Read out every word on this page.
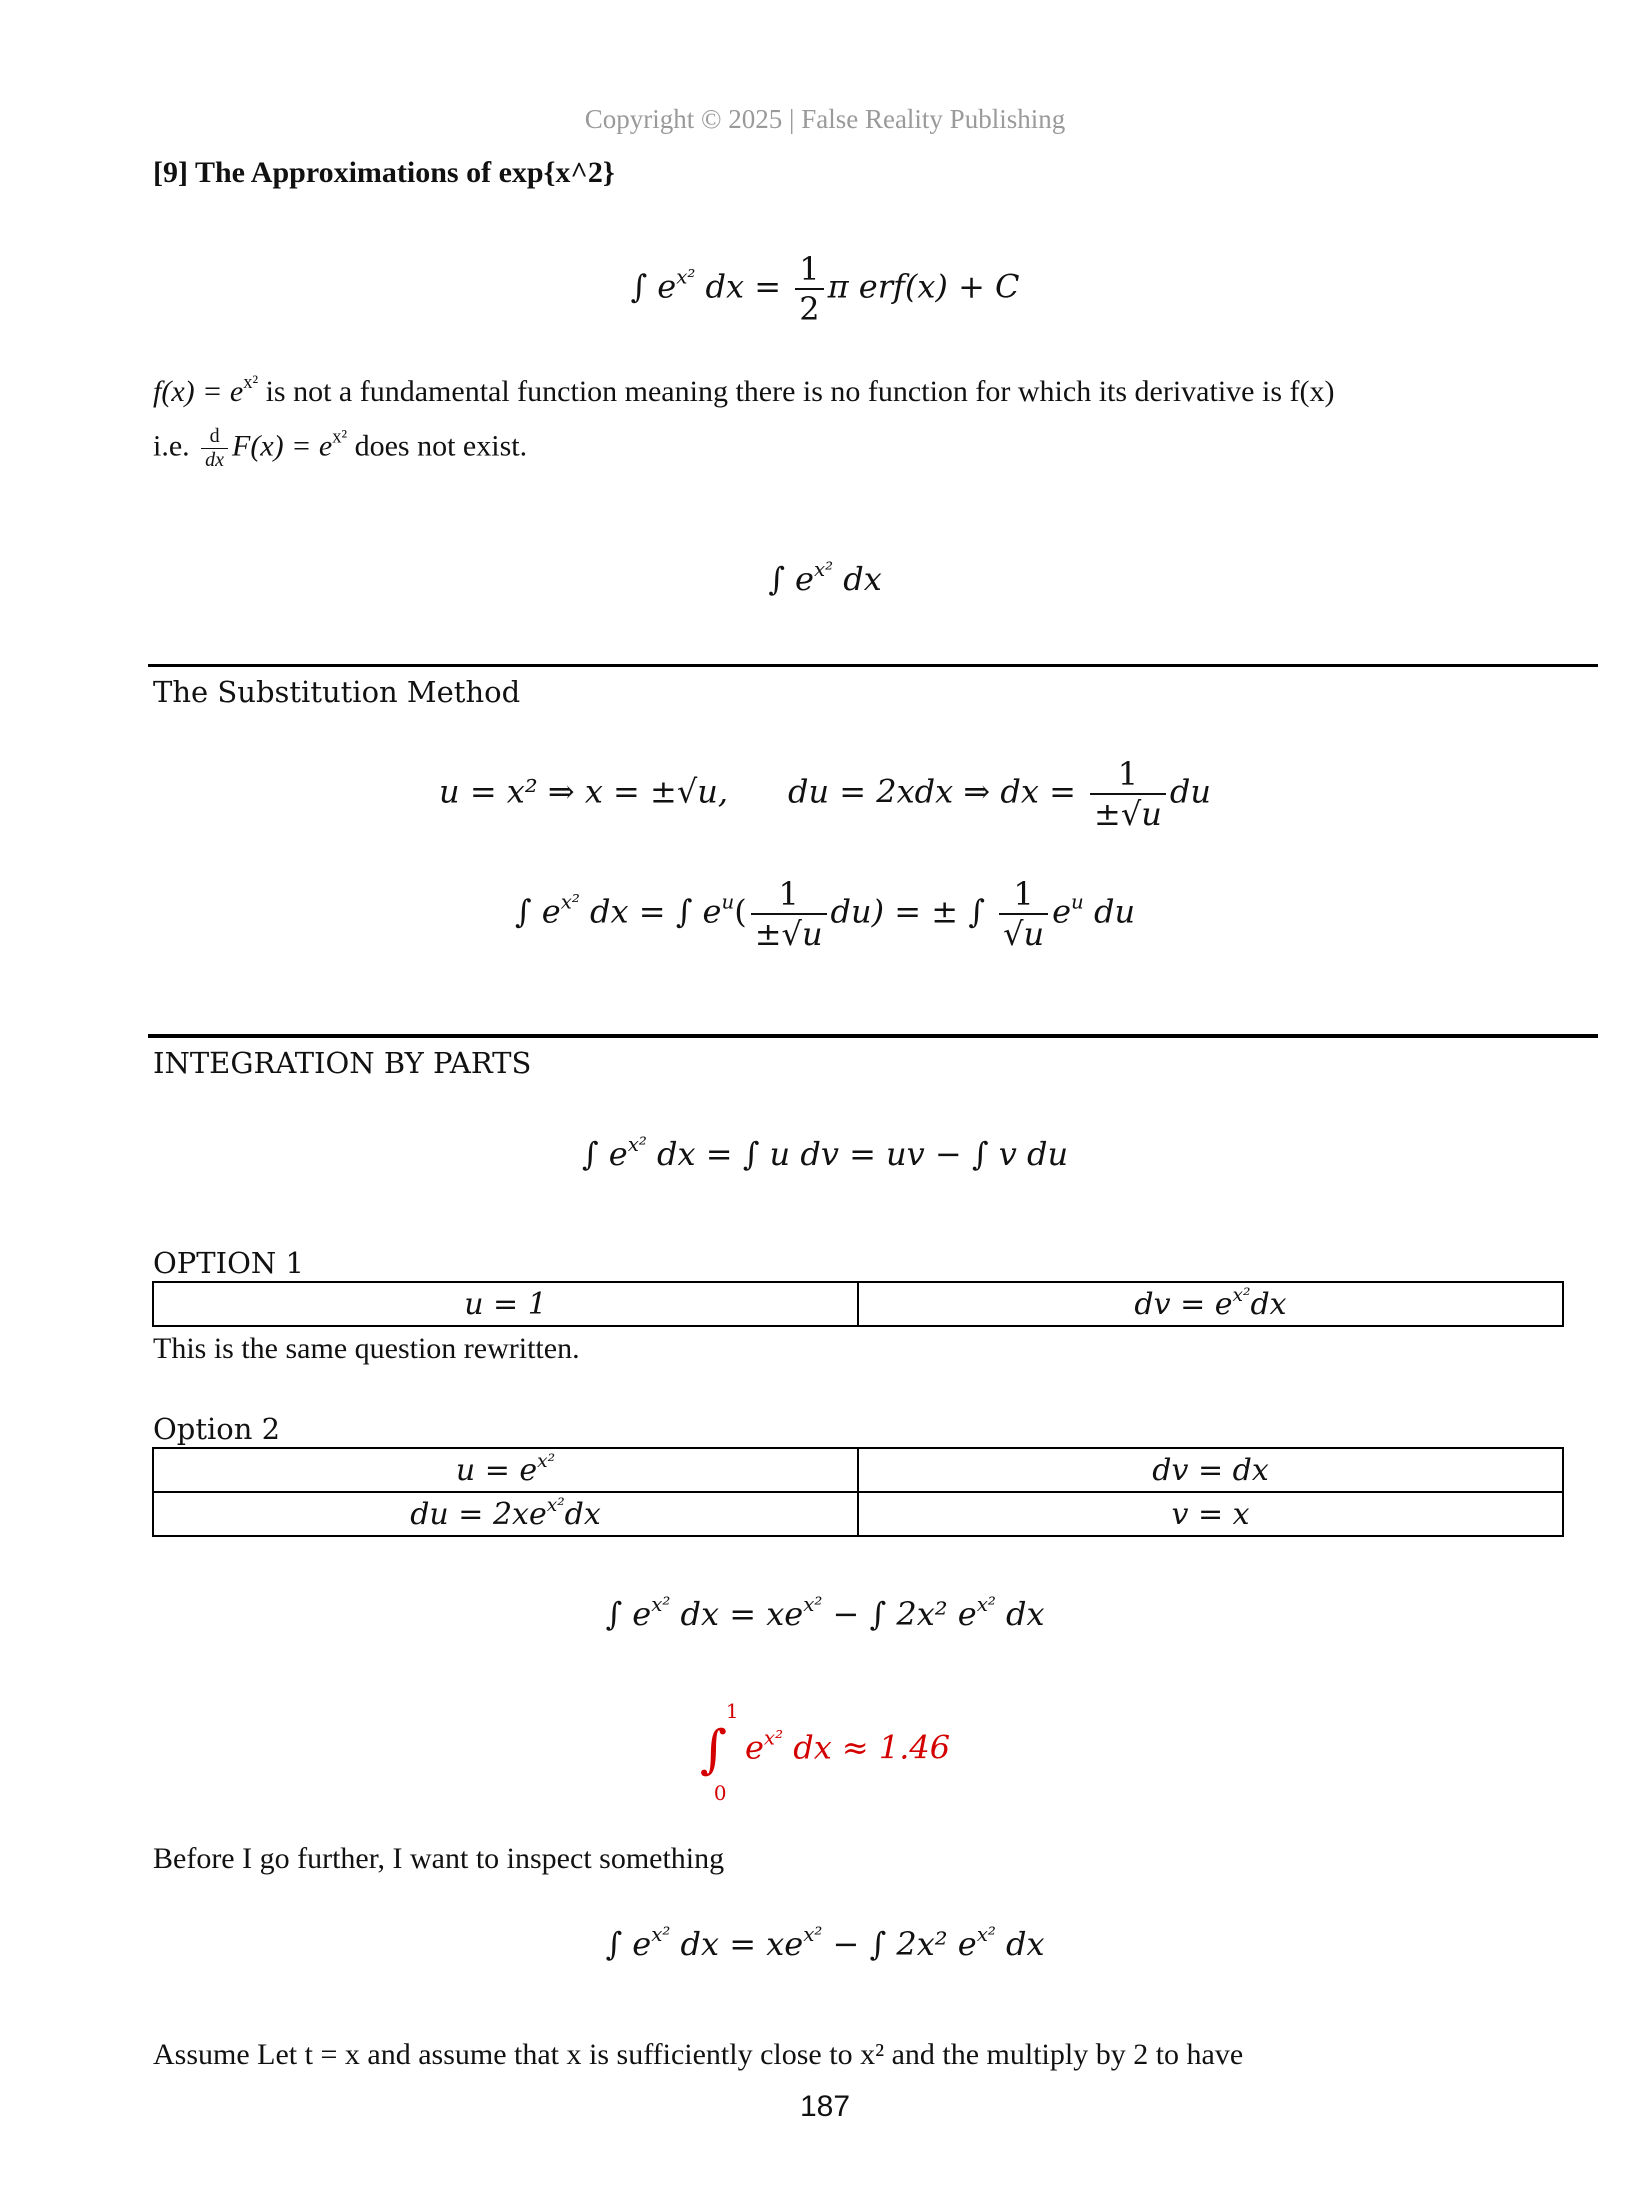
Copyright © 2025 | False Reality Publishing
[9] The Approximations of exp{x^2}
∫ $e^{x^2}$ dx = $\frac{1}{2}$ π erf(x) + C
$f(x) = e^{x^2}$ is not a fundamental function meaning there is no function for which its derivative is f(x)
i.e. $\frac{d}{dx} F(x) = e^{x^2}$ does not exist.
∫ $e^{x^2}$ dx
The Substitution Method
u = x² ⇒ x = ±√u, du = 2xdx ⇒ dx = $\frac{1}{\pm√u}$ du
∫ $e^{x^2}$ dx = ∫ $e^u( \frac{1}{\pm√u} du)$ = ± ∫ $\frac{1}{√u} e^u$ du
INTEGRATION BY PARTS
∫ $e^{x^2}$ dx = ∫ u dv = uv − ∫ v du
OPTION 1
u = 1	dv = $e^{x^2}dx$
This is the same question rewritten.
Option 2
$u = e^{x^2}$	dv = dx
du = $2xe^{x^2}dx$	v = x
∫ $e^{x^2}$ dx = $xe^{x^2}$ − ∫ 2x² $e^{x^2}$ dx
∫
1
0
$e^{x^2}$ dx ≈ 1.46
Before I go further, I want to inspect something
∫ $e^{x^2}$ dx = $xe^{x^2}$ − ∫ 2x² $e^{x^2}$ dx
Assume Let t = x and assume that x is sufficiently close to x² and the multiply by 2 to have
187
